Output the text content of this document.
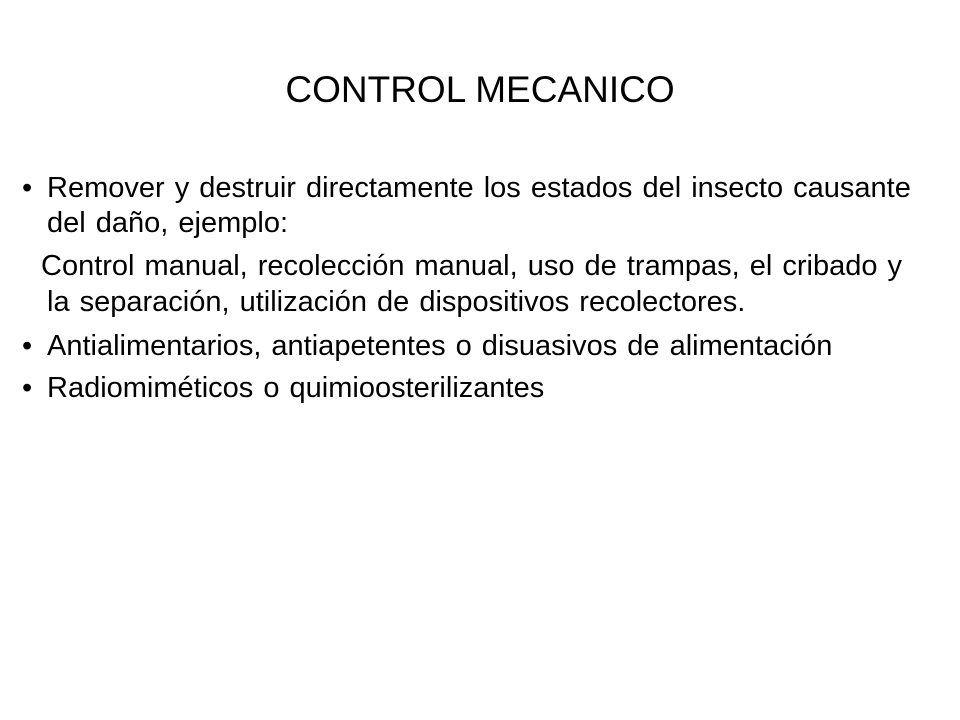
CONTROL MECANICO
• Remover y destruir directamente los estados del insecto causante del daño, ejemplo:
Control manual, recolección manual, uso de trampas, el cribado y la separación, utilización de dispositivos recolectores.
• Antialimentarios, antiapetentes o disuasivos de alimentación
• Radiomiméticos o quimioosterilizantes
